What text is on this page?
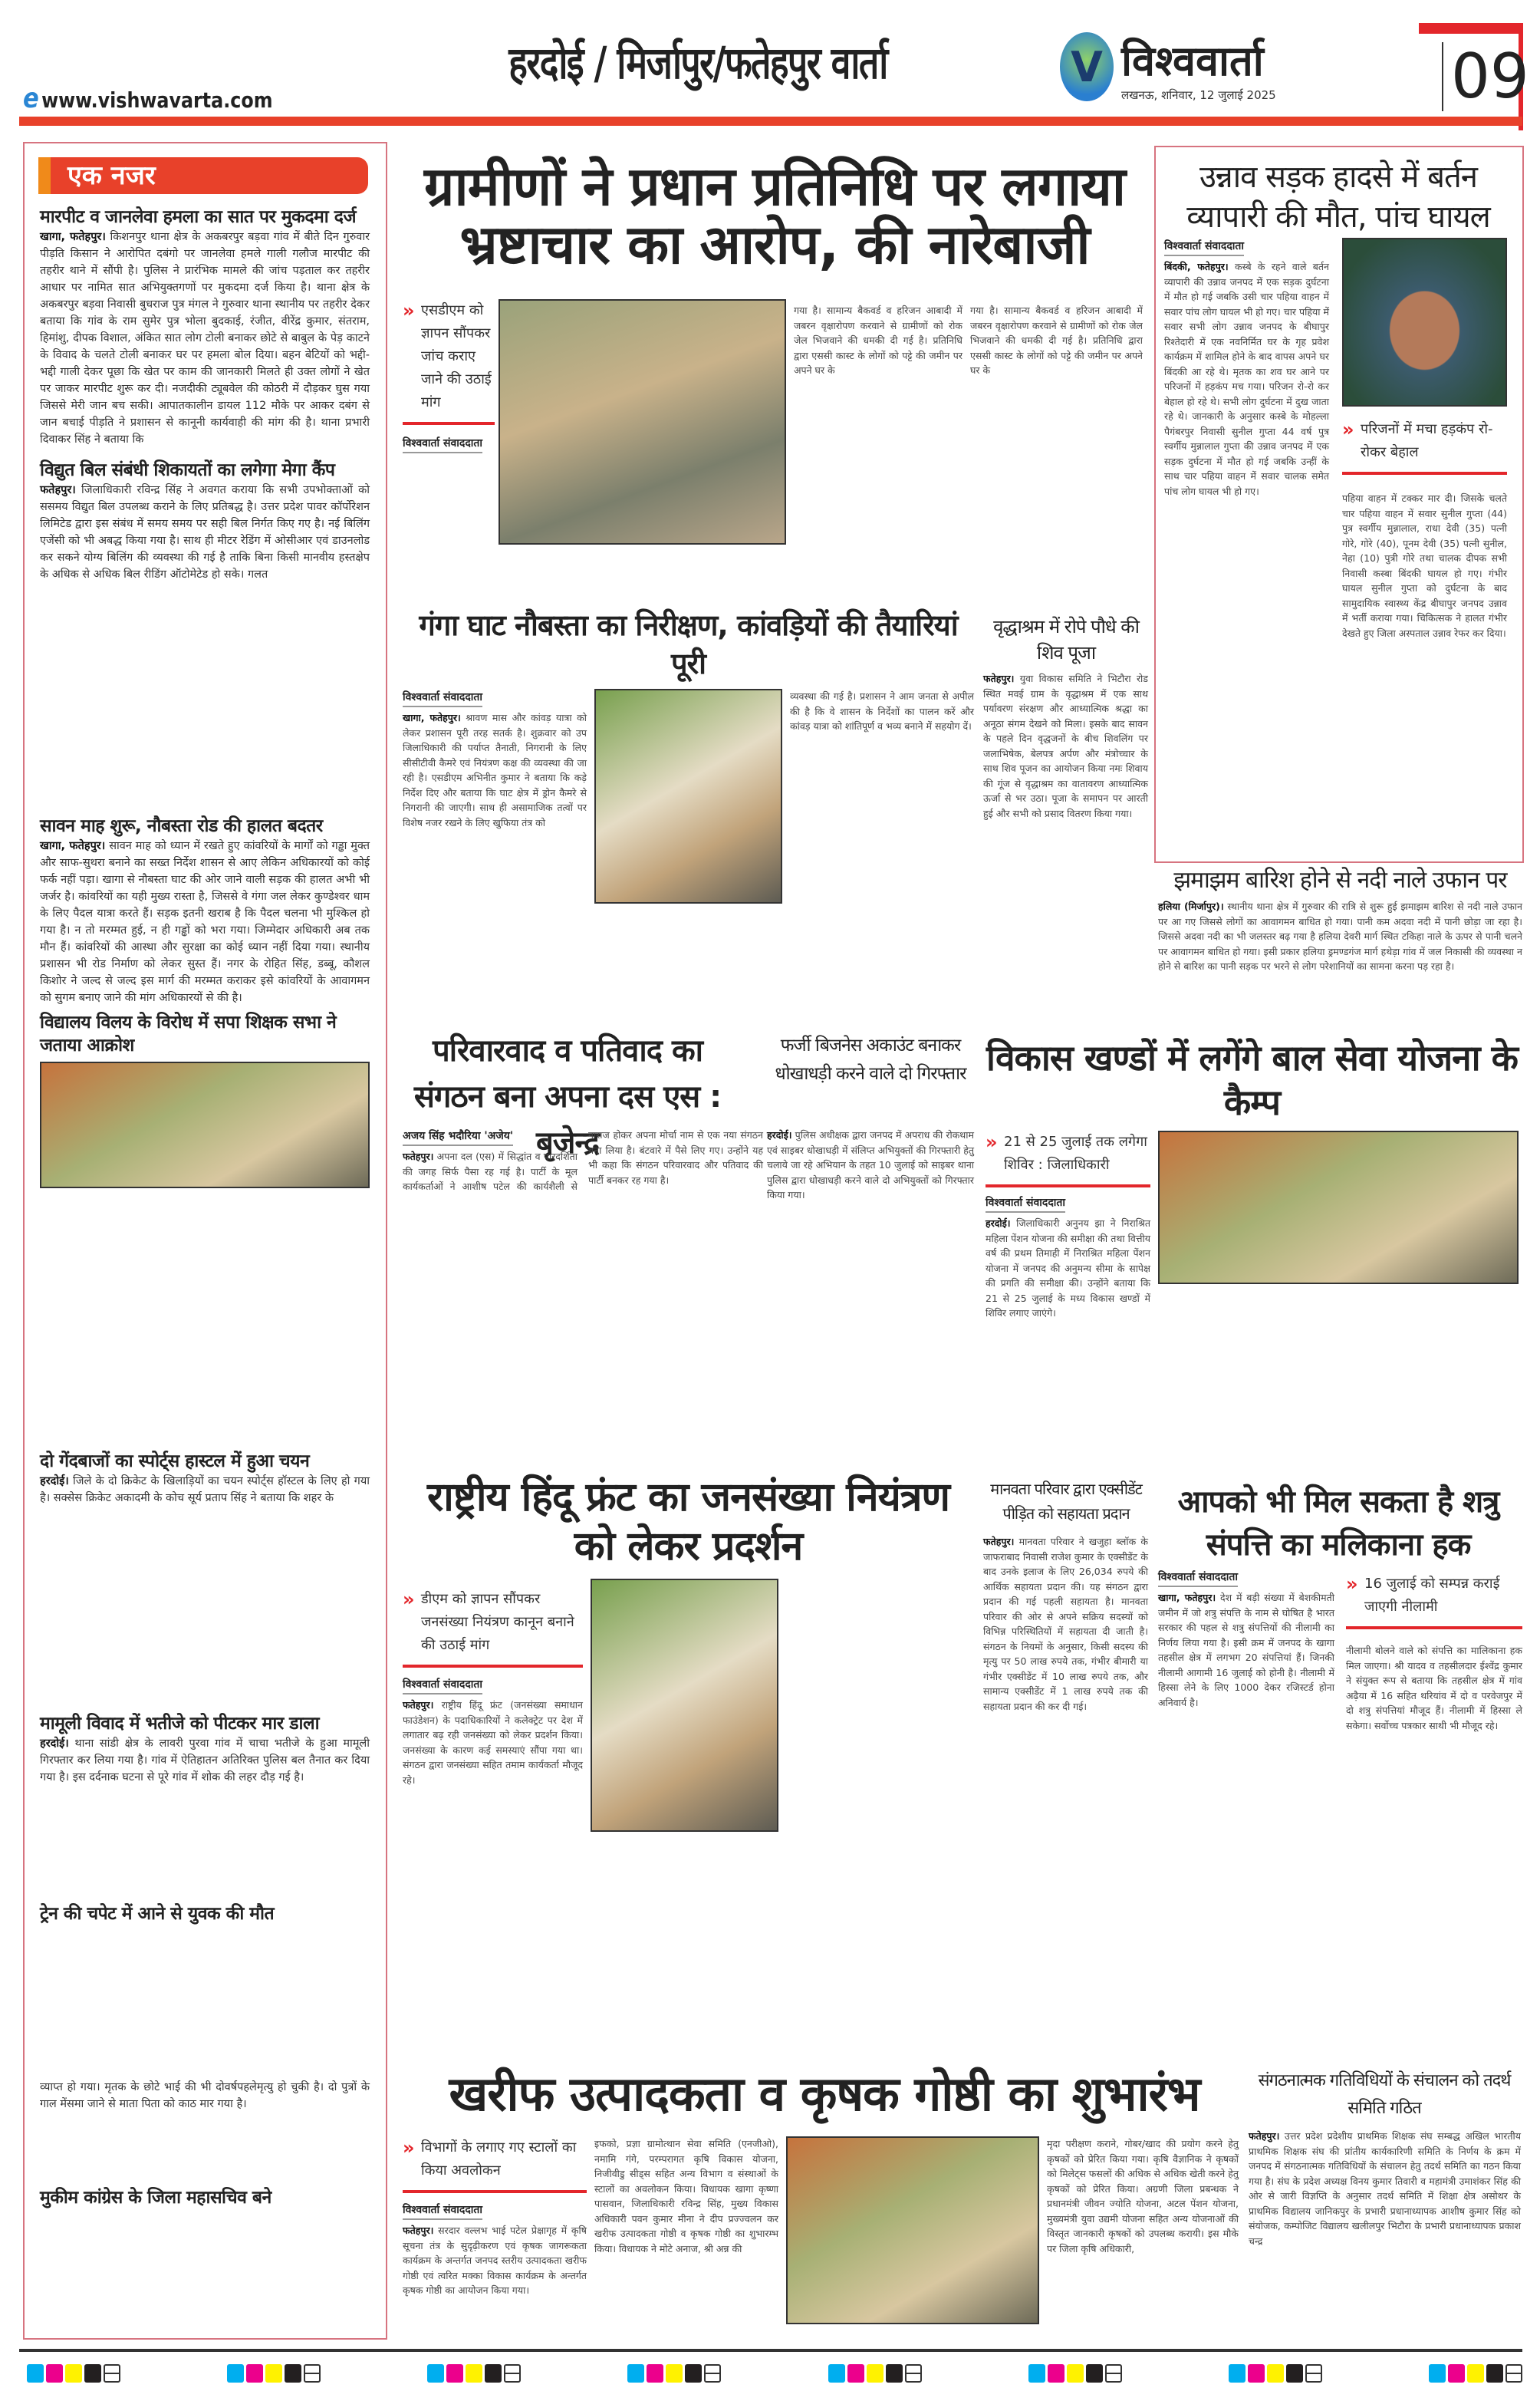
e www.vishwavarta.com
हरदोई / मिर्जापुर/फतेहपुर वार्ता	V विश्ववार्ता
लखनऊ, शनिवार, 12 जुलाई 2025	09
एक नजर
मारपीट व जानलेवा हमला का सात पर मुकदमा दर्ज

खागा, फतेहपुर। किशनपुर थाना क्षेत्र के अकबरपुर बड़वा गांव में बीते दिन गुरुवार पीड़ति किसान ने आरोपित दबंगो पर जानलेवा हमले गाली गलौज मारपीट की तहरीर थाने में सौंपी है। पुलिस ने प्रारंभिक मामले की जांच पड़ताल कर तहरीर आधार पर नामित सात अभियुक्तगणों पर मुकदमा दर्ज किया है। थाना क्षेत्र के अकबरपुर बड़वा निवासी बुधराज पुत्र मंगल ने गुरुवार थाना स्थानीय पर तहरीर देकर बताया कि गांव के राम सुमेर पुत्र भोला बुदकाई, रंजीत, वीरेंद्र कुमार, संतराम, हिमांशु, दीपक विशाल, अंकित सात लोग टोली बनाकर छोटे से बाबुल के पेड़ काटने के विवाद के चलते टोली बनाकर घर पर हमला बोल दिया। बहन बेटियों को भद्दी-भद्दी गाली देकर पूछा कि खेत पर काम की जानकारी मिलते ही उक्त लोगों ने खेत पर जाकर मारपीट शुरू कर दी। नजदीकी ट्यूबवेल की कोठरी में दौड़कर घुस गया जिससे मेरी जान बच सकी। आपातकालीन डायल 112 मौके पर आकर दबंग से जान बचाई पीड़ति ने प्रशासन से कानूनी कार्यवाही की मांग की है। थाना प्रभारी दिवाकर सिंह ने बताया कि

विद्युत बिल संबंधी शिकायतों का लगेगा मेगा कैंप

फतेहपुर। जिलाधिकारी रविन्द्र सिंह ने अवगत कराया कि सभी उपभोक्ताओं को ससमय विद्युत बिल उपलब्ध कराने के लिए प्रतिबद्ध है। उत्तर प्रदेश पावर कॉर्पोरेशन लिमिटेड द्वारा इस संबंध में समय समय पर सही बिल निर्गत किए गए है। नई बिलिंग एजेंसी को भी अबद्ध किया गया है। साथ ही मीटर रेडिंग में ओसीआर एवं डाउनलोड कर सकने योग्य बिलिंग की व्यवस्था की गई है ताकि बिना किसी मानवीय हस्तक्षेप के अधिक से अधिक बिल रीडिंग ऑटोमेटेड हो सके। गलत

सावन माह शुरू, नौबस्ता रोड की हालत बदतर

खागा, फतेहपुर। सावन माह को ध्यान में रखते हुए कांवरियों के मार्गों को गड्ढा मुक्त और साफ-सुथरा बनाने का सख्त निर्देश शासन से आए लेकिन अधिकारयों को कोई फर्क नहीं पड़ा। खागा से नौबस्ता घाट की ओर जाने वाली सड़क की हालत अभी भी जर्जर है। कांवरियों का यही मुख्य रास्ता है, जिससे वे गंगा जल लेकर कुण्डेश्वर धाम के लिए पैदल यात्रा करते हैं। सड़क इतनी खराब है कि पैदल चलना भी मुश्किल हो गया है। न तो मरम्मत हुई, न ही गड्ढों को भरा गया। जिम्मेदार अधिकारी अब तक मौन हैं। कांवरियों की आस्था और सुरक्षा का कोई ध्यान नहीं दिया गया। स्थानीय प्रशासन भी रोड निर्माण को लेकर सुस्त हैं। नगर के रोहित सिंह, डब्बू, कौशल किशोर ने जल्द से जल्द इस मार्ग की मरम्मत कराकर इसे कांवरियों के आवागमन को सुगम बनाए जाने की मांग अधिकारयों से की है।

विद्यालय विलय के विरोध में सपा शिक्षक सभा ने जताया आक्रोश

दो गेंदबाजों का स्पोर्ट्स हास्टल में हुआ चयन

हरदोई। जिले के दो क्रिकेट के खिलाड़ियों का चयन स्पोर्ट्स हॉस्टल के लिए हो गया है। सक्सेस क्रिकेट अकादमी के कोच सूर्य प्रताप सिंह ने बताया कि शहर के

मामूली विवाद में भतीजे को पीटकर मार डाला

हरदोई। थाना सांडी क्षेत्र के लावरी पुरवा गांव में चाचा भतीजे के हुआ मामूली गिरफ्तार कर लिया गया है। गांव में ऐतिहातन अतिरिक्त पुलिस बल तैनात कर दिया गया है। इस दर्दनाक घटना से पूरे गांव में शोक की लहर दौड़ गई है।

ट्रेन की चपेट में आने से युवक की मौत

व्याप्त हो गया। मृतक के छोटे भाई की भी दोवर्षपहलेमृत्यु हो चुकी है। दो पुत्रों के गाल मेंसमा जाने से माता पिता को काठ मार गया है।

मुकीम कांग्रेस के जिला महासचिव बने
ग्रामीणों ने प्रधान प्रतिनिधि पर लगाया भ्रष्टाचार का आरोप, की नारेबाजी
» एसडीएम को ज्ञापन सौंपकर जांच कराए जाने की उठाई मांग
विश्ववार्ता संवाददाता
गया है। सामान्य बैकवर्ड व हरिजन आबादी में जबरन वृक्षारोपण करवाने से ग्रामीणों को रोक जेल भिजवाने की धमकी दी गई है। प्रतिनिधि द्वारा एससी कास्ट के लोगों को पट्टे की जमीन पर अपने घर के
गया है। सामान्य बैकवर्ड व हरिजन आबादी में जबरन वृक्षारोपण करवाने से ग्रामीणों को रोक जेल भिजवाने की धमकी दी गई है। प्रतिनिधि द्वारा एससी कास्ट के लोगों को पट्टे की जमीन पर अपने घर के
उन्नाव सड़क हादसे में बर्तन व्यापारी की मौत, पांच घायल
विश्ववार्ता संवाददाता

बिंदकी, फतेहपुर। कस्बे के रहने वाले बर्तन व्यापारी की उन्नाव जनपद में एक सड़क दुर्घटना में मौत हो गई जबकि उसी चार पहिया वाहन में सवार पांच लोग घायल भी हो गए। चार पहिया में सवार सभी लोग उन्नाव जनपद के बीघापुर रिश्तेदारी में एक नवनिर्मित घर के गृह प्रवेश कार्यक्रम में शामिल होने के बाद वापस अपने घर बिंदकी आ रहे थे। मृतक का शव घर आने पर परिजनों में हड़कंप मच गया। परिजन रो-रो कर बेहाल हो रहे थे। सभी लोग दुर्घटना में दुख जाता रहे थे। जानकारी के अनुसार कस्बे के मोहल्ला पैगंबरपुर निवासी सुनील गुप्ता 44 वर्ष पुत्र स्वर्गीय मुन्नालाल गुप्ता की उन्नाव जनपद में एक सड़क दुर्घटना में मौत हो गई जबकि उन्हीं के साथ चार पहिया वाहन में सवार चालक समेत पांच लोग घायल भी हो गए।

» परिजनों में मचा हड़कंप रो-रोकर बेहाल
पहिया वाहन में टक्कर मार दी। जिसके चलते चार पहिया वाहन में सवार सुनील गुप्ता (44) पुत्र स्वर्गीय मुन्नालाल, राधा देवी (35) पत्नी गोरे, गोरे (40), पूनम देवी (35) पत्नी सुनील, नेहा (10) पुत्री गोरे तथा चालक दीपक सभी निवासी कस्बा बिंदकी घायल हो गए। गंभीर घायल सुनील गुप्ता को दुर्घटना के बाद सामुदायिक स्वास्थ्य केंद्र बीघापुर जनपद उन्नाव में भर्ती कराया गया। चिकित्सक ने हालत गंभीर देखते हुए जिला अस्पताल उन्नाव रेफर कर दिया।
गंगा घाट नौबस्ता का निरीक्षण, कांवड़ियों की तैयारियां पूरी
विश्ववार्ता संवाददाता

खागा, फतेहपुर। श्रावण मास और कांवड़ यात्रा को लेकर प्रशासन पूरी तरह सतर्क है। शुक्रवार को उप जिलाधिकारी की पर्याप्त तैनाती, निगरानी के लिए सीसीटीवी कैमरे एवं नियंत्रण कक्ष की व्यवस्था की जा रही है। एसडीएम अभिनीत कुमार ने बताया कि कड़े निर्देश दिए और बताया कि घाट क्षेत्र में ड्रोन कैमरे से निगरानी की जाएगी। साथ ही असामाजिक तत्वों पर विशेष नजर रखने के लिए खुफिया तंत्र को

व्यवस्था की गई है। प्रशासन ने आम जनता से अपील की है कि वे शासन के निर्देशों का पालन करें और कांवड़ यात्रा को शांतिपूर्ण व भव्य बनाने में सहयोग दें।

वृद्धाश्रम में रोपे पौधे की शिव पूजा

फतेहपुर। युवा विकास समिति ने भिटौरा रोड स्थित मवई ग्राम के वृद्धाश्रम में एक साथ पर्यावरण संरक्षण और आध्यात्मिक श्रद्धा का अनूठा संगम देखने को मिला। इसके बाद सावन के पहले दिन वृद्धजनों के बीच शिवलिंग पर जलाभिषेक, बेलपत्र अर्पण और मंत्रोच्चार के साथ शिव पूजन का आयोजन किया नमः शिवाय की गूंज से वृद्धाश्रम का वातावरण आध्यात्मिक ऊर्जा से भर उठा। पूजा के समापन पर आरती हुई और सभी को प्रसाद वितरण किया गया।

झमाझम बारिश होने से नदी नाले उफान पर

हलिया (मिर्जापुर)। स्थानीय थाना क्षेत्र में गुरुवार की रात्रि से शुरू हुई झमाझम बारिश से नदी नाले उफान पर आ गए जिससे लोगों का आवागमन बाधित हो गया। पानी कम अदवा नदी में पानी छोड़ा जा रहा है। जिससे अदवा नदी का भी जलस्तर बढ़ गया है हलिया देवरी मार्ग स्थित टकिहा नाले के ऊपर से पानी चलने पर आवागमन बाधित हो गया। इसी प्रकार हलिया ड्रमण्डगंज मार्ग हथेड़ा गांव में जल निकासी की व्यवस्था न होने से बारिश का पानी सड़क पर भरने से लोग परेशानियों का सामना करना पड़ रहा है।

परिवारवाद व पतिवाद का संगठन बना अपना दस एस : बृजेन्द्र
अजय सिंह भदौरिया 'अजेय'

फतेहपुर। अपना दल (एस) में सिद्धांत व पारदर्शिता की जगह सिर्फ पैसा रह गई है। पार्टी के मूल कार्यकर्ताओं ने आशीष पटेल की कार्यशैली से नाराज होकर अपना मोर्चा नाम से एक नया संगठन बना लिया है। बंटवारे में पैसे लिए गए। उन्होंने यह भी कहा कि संगठन परिवारवाद और पतिवाद की पार्टी बनकर रह गया है।

फर्जी बिजनेस अकाउंट बनाकर धोखाधड़ी करने वाले दो गिरफ्तार

हरदोई। पुलिस अधीक्षक द्वारा जनपद में अपराध की रोकथाम एवं साइबर धोखाधड़ी में संलिप्त अभियुक्तों की गिरफ्तारी हेतु चलाये जा रहे अभियान के तहत 10 जुलाई को साइबर थाना पुलिस द्वारा धोखाधड़ी करने वाले दो अभियुक्तों को गिरफ्तार किया गया।

विकास खण्डों में लगेंगे बाल सेवा योजना के कैम्प
» 21 से 25 जुलाई तक लगेगा शिविर : जिलाधिकारी
विश्ववार्ता संवाददाता

हरदोई। जिलाधिकारी अनुनय झा ने निराश्रित महिला पेंशन योजना की समीक्षा की तथा वित्तीय वर्ष की प्रथम तिमाही में निराश्रित महिला पेंशन योजना में जनपद की अनुमन्य सीमा के सापेक्ष की प्रगति की समीक्षा की। उन्होंने बताया कि 21 से 25 जुलाई के मध्य विकास खण्डों में शिविर लगाए जाएंगे।

राष्ट्रीय हिंदू फ्रंट का जनसंख्या नियंत्रण को लेकर प्रदर्शन
» डीएम को ज्ञापन सौंपकर जनसंख्या नियंत्रण कानून बनाने की उठाई मांग
विश्ववार्ता संवाददाता

फतेहपुर। राष्ट्रीय हिंदू फ्रंट (जनसंख्या समाधान फाउंडेशन) के पदाधिकारियों ने कलेक्ट्रेट पर देश में लगातार बढ़ रही जनसंख्या को लेकर प्रदर्शन किया। जनसंख्या के कारण कई समस्याएं सौंपा गया था। संगठन द्वारा जनसंख्या सहित तमाम कार्यकर्ता मौजूद रहे।

मानवता परिवार द्वारा एक्सीडेंट पीड़ित को सहायता प्रदान

फतेहपुर। मानवता परिवार ने खजुहा ब्लॉक के जाफराबाद निवासी राजेश कुमार के एक्सीडेंट के बाद उनके इलाज के लिए 26,034 रुपये की आर्थिक सहायता प्रदान की। यह संगठन द्वारा प्रदान की गई पहली सहायता है। मानवता परिवार की ओर से अपने सक्रिय सदस्यों को विभिन्न परिस्थितियों में सहायता दी जाती है। संगठन के नियमों के अनुसार, किसी सदस्य की मृत्यु पर 50 लाख रुपये तक, गंभीर बीमारी या गंभीर एक्सीडेंट में 10 लाख रुपये तक, और सामान्य एक्सीडेंट में 1 लाख रुपये तक की सहायता प्रदान की कर दी गई।

आपको भी मिल सकता है शत्रु संपत्ति का मलिकाना हक
विश्ववार्ता संवाददाता

खागा, फतेहपुर। देश में बड़ी संख्या में बेशकीमती जमीन में जो शत्रु संपत्ति के नाम से घोषित है भारत सरकार की पहल से शत्रु संपत्तियों की नीलामी का निर्णय लिया गया है। इसी क्रम में जनपद के खागा तहसील क्षेत्र में लगभग 20 संपत्तियां हैं। जिनकी नीलामी आगामी 16 जुलाई को होनी है। नीलामी में हिस्सा लेने के लिए 1000 देकर रजिस्टर्ड होना अनिवार्य है।

» 16 जुलाई को सम्पन्न कराई जाएगी नीलामी

नीलामी बोलने वाले को संपत्ति का मालिकाना हक मिल जाएगा। श्री यादव व तहसीलदार ईश्वेंद्र कुमार ने संयुक्त रूप से बताया कि तहसील क्षेत्र में गांव अढ़ैया में 16 सहित थरियांव में दो व परवेजपुर में दो शत्रु संपत्तियां मौजूद हैं। नीलामी में हिस्सा ले सकेगा। सर्वोच्च पत्रकार साथी भी मौजूद रहे।

खरीफ उत्पादकता व कृषक गोष्ठी का शुभारंभ
» विभागों के लगाए गए स्टालों का किया अवलोकन
विश्ववार्ता संवाददाता

फतेहपुर। सरदार वल्लभ भाई पटेल प्रेक्षागृह में कृषि सूचना तंत्र के सुदृढ़ीकरण एवं कृषक जागरूकता कार्यक्रम के अन्तर्गत जनपद स्तरीय उत्पादकता खरीफ गोष्ठी एवं त्वरित मक्का विकास कार्यक्रम के अन्तर्गत कृषक गोष्ठी का आयोजन किया गया।

इफको, प्रज्ञा ग्रामोत्थान सेवा समिति (एनजीओ), नमामि गंगे, परम्परागत कृषि विकास योजना, निजीवीडु सीड्स सहित अन्य विभाग व संस्थाओं के स्टालों का अवलोकन किया। विधायक खागा कृष्णा पासवान, जिलाधिकारी रविन्द्र सिंह, मुख्य विकास अधिकारी पवन कुमार मीना ने दीप प्रज्ज्वलन कर खरीफ उत्पादकता गोष्ठी व कृषक गोष्ठी का शुभारम्भ किया। विधायक ने मोटे अनाज, श्री अन्न की

मृदा परीक्षण कराने, गोबर/खाद की प्रयोग करने हेतु कृषकों को प्रेरित किया गया। कृषि वैज्ञानिक ने कृषकों को मिलेट्स फसलों की अधिक से अधिक खेती करने हेतु कृषकों को प्रेरित किया। अग्रणी जिला प्रबन्धक ने प्रधानमंत्री जीवन ज्योति योजना, अटल पेंशन योजना, मुख्यमंत्री युवा उद्यमी योजना सहित अन्य योजनाओं की विस्तृत जानकारी कृषकों को उपलब्ध करायी। इस मौके पर जिला कृषि अधिकारी,

संगठनात्मक गतिविधियों के संचालन को तदर्थ समिति गठित

फतेहपुर। उत्तर प्रदेश प्रदेशीय प्राथमिक शिक्षक संघ सम्बद्ध अखिल भारतीय प्राथमिक शिक्षक संघ की प्रांतीय कार्यकारिणी समिति के निर्णय के क्रम में जनपद में संगठनात्मक गतिविधियों के संचालन हेतु तदर्थ समिति का गठन किया गया है। संघ के प्रदेश अध्यक्ष विनय कुमार तिवारी व महामंत्री उमाशंकर सिंह की ओर से जारी विज्ञप्ति के अनुसार तदर्थ समिति में शिक्षा क्षेत्र असोथर के प्राथमिक विद्यालय जानिकपुर के प्रभारी प्रधानाध्यापक आशीष कुमार सिंह को संयोजक, कम्पोजिट विद्यालय खलीलपुर भिटौरा के प्रभारी प्रधानाध्यापक प्रकाश चन्द्र
